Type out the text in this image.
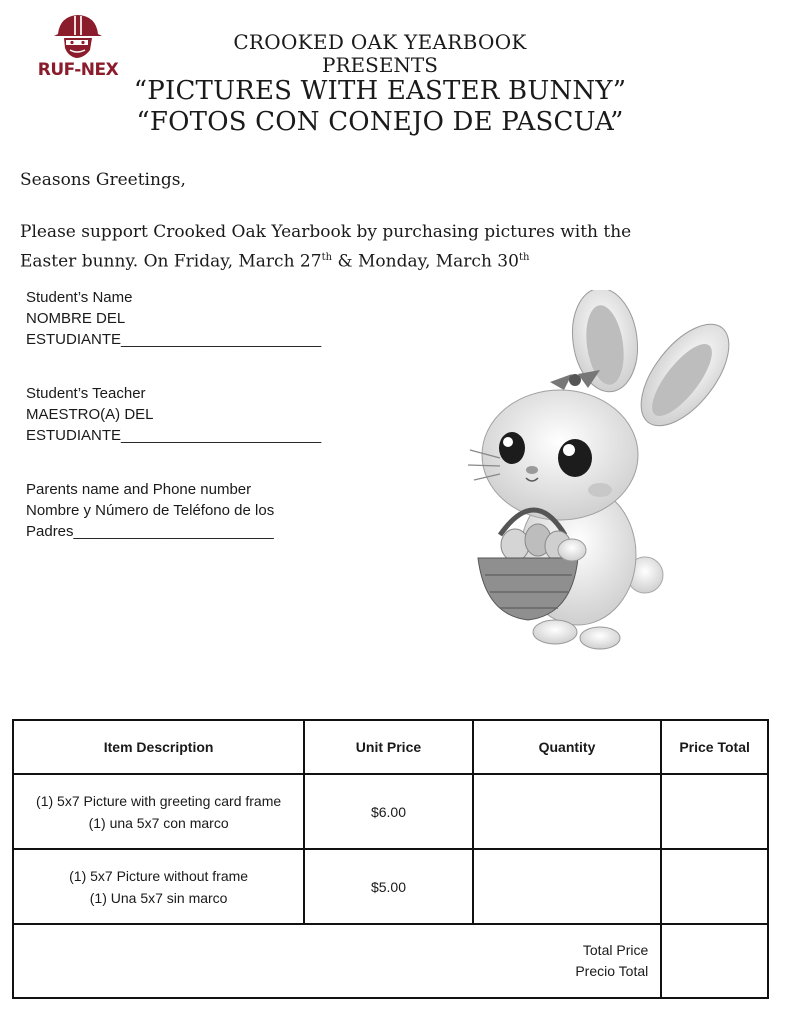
RUF-NEX
CROOKED OAK YEARBOOK
PRESENTS
“PICTURES WITH EASTER BUNNY”
“FOTOS CON CONEJO DE PASCUA”
Seasons Greetings,
Please support Crooked Oak Yearbook by purchasing pictures with the Easter bunny. On Friday, March 27th & Monday, March 30th
Student’s Name
NOMBRE DEL
ESTUDIANTE________________________
Student’s Teacher
MAESTRO(A) DEL
ESTUDIANTE________________________
Parents name and Phone number
Nombre y Número de Teléfono de los
Padres________________________
Item Description	Unit Price	Quantity	Price Total

(1) 5x7 Picture with greeting card frame
(1) una 5x7 con marco	$6.00		

(1) 5x7 Picture without frame
(1) Una 5x7 sin marco	$5.00		

Total Price
Precio Total			
